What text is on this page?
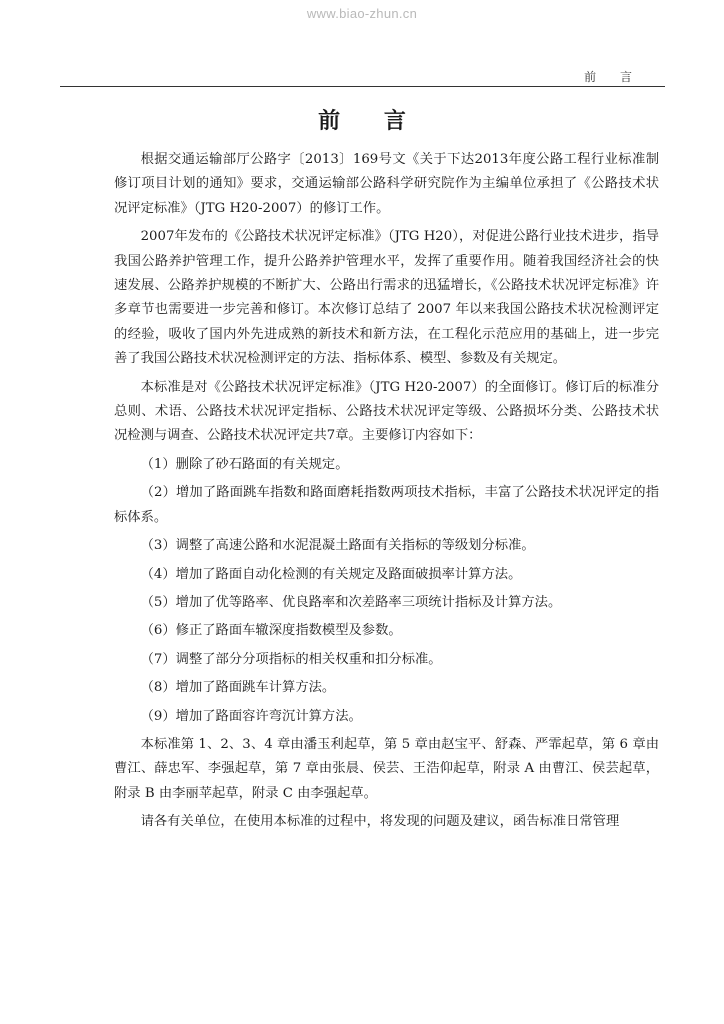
www.biao-zhun.cn
前 言
前 言

根据交通运输部厅公路字〔2013〕169号文《关于下达2013年度公路工程行业标准制修订项目计划的通知》要求，交通运输部公路科学研究院作为主编单位承担了《公路技术状况评定标准》（JTG H20-2007）的修订工作。

2007年发布的《公路技术状况评定标准》（JTG H20），对促进公路行业技术进步，指导我国公路养护管理工作，提升公路养护管理水平，发挥了重要作用。随着我国经济社会的快速发展、公路养护规模的不断扩大、公路出行需求的迅猛增长，《公路技术状况评定标准》许多章节也需要进一步完善和修订。本次修订总结了 2007 年以来我国公路技术状况检测评定的经验，吸收了国内外先进成熟的新技术和新方法，在工程化示范应用的基础上，进一步完善了我国公路技术状况检测评定的方法、指标体系、模型、参数及有关规定。

本标准是对《公路技术状况评定标准》（JTG H20-2007）的全面修订。修订后的标准分总则、术语、公路技术状况评定指标、公路技术状况评定等级、公路损坏分类、公路技术状况检测与调查、公路技术状况评定共7章。主要修订内容如下：

（1）删除了砂石路面的有关规定。

（2）增加了路面跳车指数和路面磨耗指数两项技术指标，丰富了公路技术状况评定的指标体系。

（3）调整了高速公路和水泥混凝土路面有关指标的等级划分标准。

（4）增加了路面自动化检测的有关规定及路面破损率计算方法。

（5）增加了优等路率、优良路率和次差路率三项统计指标及计算方法。

（6）修正了路面车辙深度指数模型及参数。

（7）调整了部分分项指标的相关权重和扣分标准。

（8）增加了路面跳车计算方法。

（9）增加了路面容许弯沉计算方法。

本标准第 1、2、3、4 章由潘玉利起草，第 5 章由赵宝平、舒森、严霏起草，第 6 章由曹江、薛忠军、李强起草，第 7 章由张晨、侯芸、王浩仰起草，附录 A 由曹江、侯芸起草，附录 B 由李丽苹起草，附录 C 由李强起草。

请各有关单位，在使用本标准的过程中，将发现的问题及建议，函告标准日常管理
